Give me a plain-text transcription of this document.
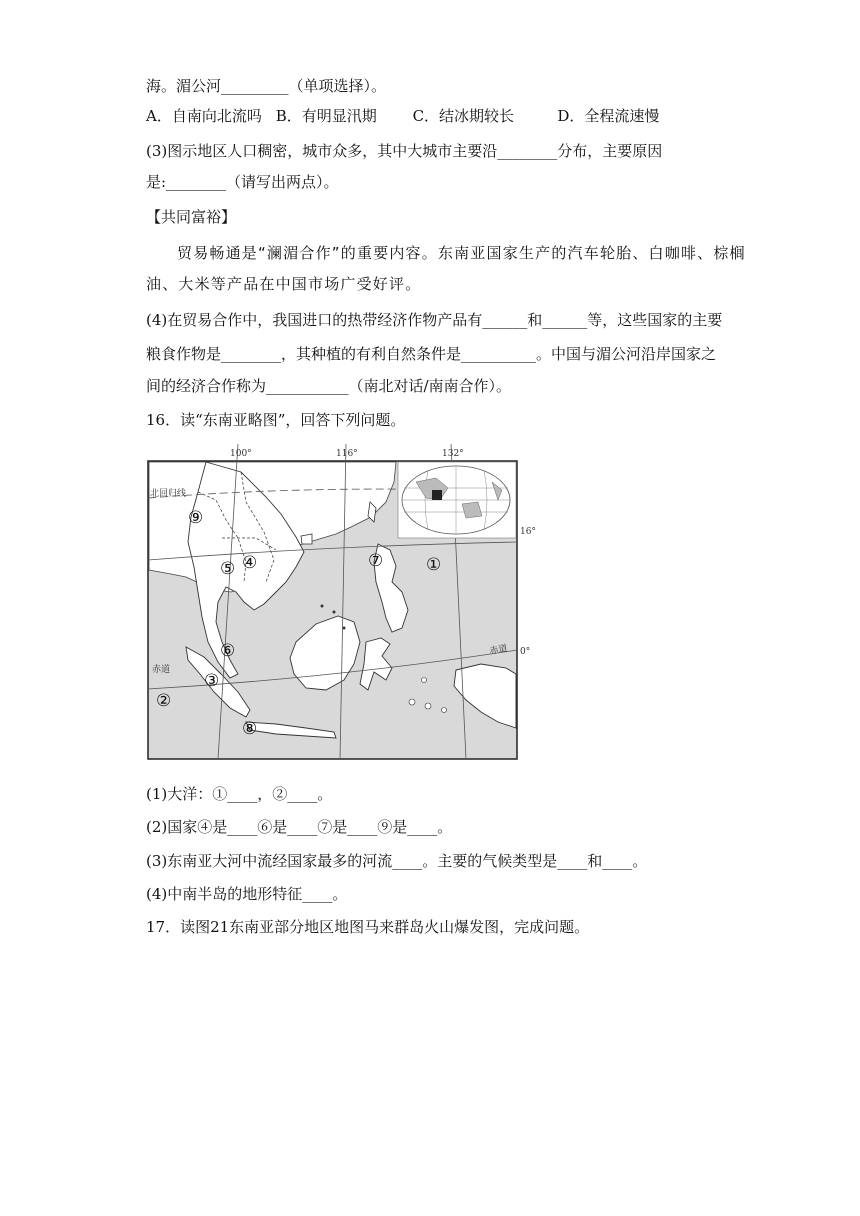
海。湄公河_________（单项选择）。
A．自南向北流吗 B．有明显汛期 C．结冰期较长	D．全程流速慢
(3)图示地区人口稠密，城市众多，其中大城市主要沿________分布，主要原因
是:________（请写出两点）。
【共同富裕】
贸易畅通是“澜湄合作”的重要内容。东南亚国家生产的汽车轮胎、白咖啡、棕榈
油、大米等产品在中国市场广受好评。
(4)在贸易合作中，我国进口的热带经济作物产品有______和______等，这些国家的主要
粮食作物是________，其种植的有利自然条件是__________。中国与湄公河沿岸国家之
间的经济合作称为___________（南北对话/南南合作）。
16．读“东南亚略图”，回答下列问题。
100°	116°	132°
16°
0°
北回归线
赤道
赤道
①
②
③
④
⑤
⑥
⑦
⑧
⑨
(1)大洋：①____，②____。
(2)国家④是____⑥是____⑦是____⑨是____。
(3)东南亚大河中流经国家最多的河流____。主要的气候类型是____和____。
(4)中南半岛的地形特征____。
17．读图21东南亚部分地区地图马来群岛火山爆发图，完成问题。
